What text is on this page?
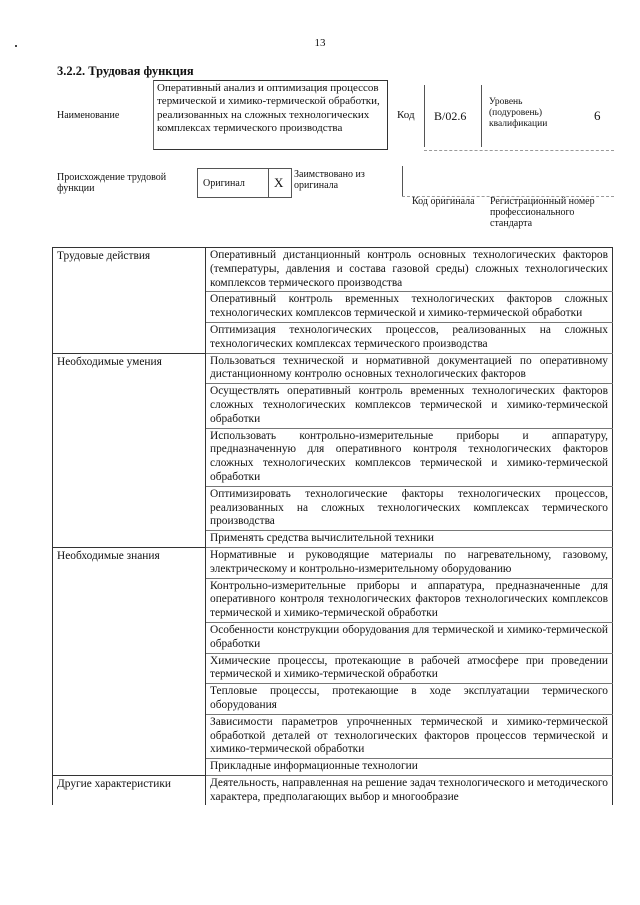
13
3.2.2. Трудовая функция
Наименование
Оперативный анализ и оптимизация процессов термической и химико-термической обработки, реализованных на сложных технологических комплексах термического производства
Код B/02.6
Уровень (подуровень) квалификации
6
Происхождение трудовой функции	Оригинал X
Заимствовано из оригинала
Код оригинала Регистрационный номер профессионального стандарта
Трудовые действия	Оперативный дистанционный контроль основных технологических факторов (температуры, давления и состава газовой среды) сложных технологических комплексов термического производства
	Оперативный контроль временных технологических факторов сложных технологических комплексов термической и химико-термической обработки
	Оптимизация технологических процессов, реализованных на сложных технологических комплексах термического производства
Необходимые умения	Пользоваться технической и нормативной документацией по оперативному дистанционному контролю основных технологических факторов
	Осуществлять оперативный контроль временных технологических факторов сложных технологических комплексов термической и химико-термической обработки
	Использовать контрольно-измерительные приборы и аппаратуру, предназначенную для оперативного контроля технологических факторов сложных технологических комплексов термической и химико-термической обработки
	Оптимизировать технологические факторы технологических процессов, реализованных на сложных технологических комплексах термического производства
	Применять средства вычислительной техники
Необходимые знания	Нормативные и руководящие материалы по нагревательному, газовому, электрическому и контрольно-измерительному оборудованию
	Контрольно-измерительные приборы и аппаратура, предназначенные для оперативного контроля технологических факторов технологических комплексов термической и химико-термической обработки
	Особенности конструкции оборудования для термической и химико-термической обработки
	Химические процессы, протекающие в рабочей атмосфере при проведении термической и химико-термической обработки
	Тепловые процессы, протекающие в ходе эксплуатации термического оборудования
	Зависимости параметров упрочненных термической и химико-термической обработкой деталей от технологических факторов процессов термической и химико-термической обработки
	Прикладные информационные технологии
Другие характеристики	Деятельность, направленная на решение задач технологического и методического характера, предполагающих выбор и многообразие
